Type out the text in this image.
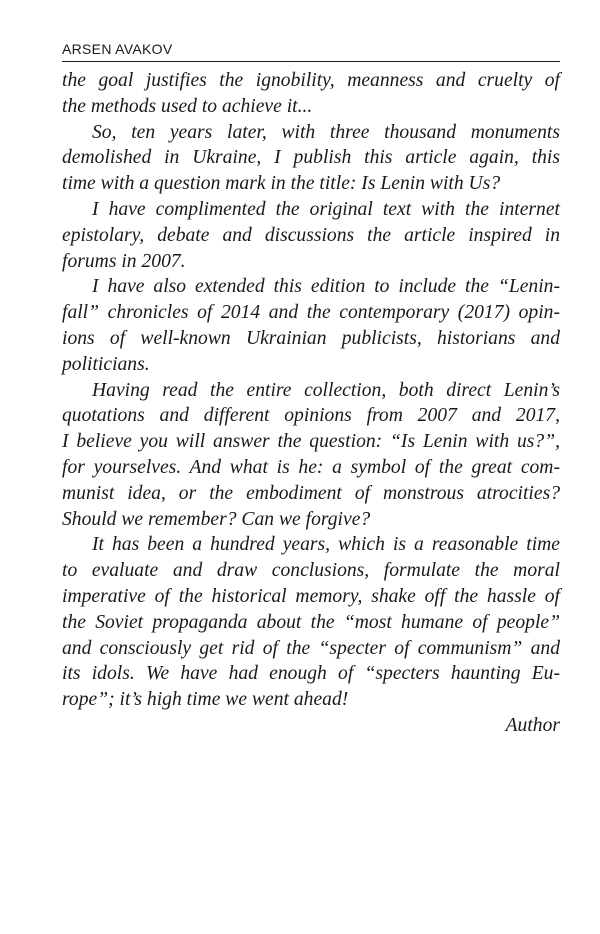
ARSEN AVAKOV
the goal justifies the ignobility, meanness and cruelty of
the methods used to achieve it...
So, ten years later, with three thousand monuments
demolished in Ukraine, I publish this article again, this
time with a question mark in the title: Is Lenin with Us?
I have complimented the original text with the internet
epistolary, debate and discussions the article inspired in
forums in 2007.
I have also extended this edition to include the “Lenin-
fall” chronicles of 2014 and the contemporary (2017) opin-
ions of well-known Ukrainian publicists, historians and
politicians.
Having read the entire collection, both direct Lenin’s
quotations and different opinions from 2007 and 2017,
I believe you will answer the question: “Is Lenin with us?”,
for yourselves. And what is he: a symbol of the great com-
munist idea, or the embodiment of monstrous atrocities?
Should we remember? Can we forgive?
It has been a hundred years, which is a reasonable time
to evaluate and draw conclusions, formulate the moral
imperative of the historical memory, shake off the hassle of
the Soviet propaganda about the “most humane of people”
and consciously get rid of the “specter of communism” and
its idols. We have had enough of “specters haunting Eu-
rope”; it’s high time we went ahead!
Author
